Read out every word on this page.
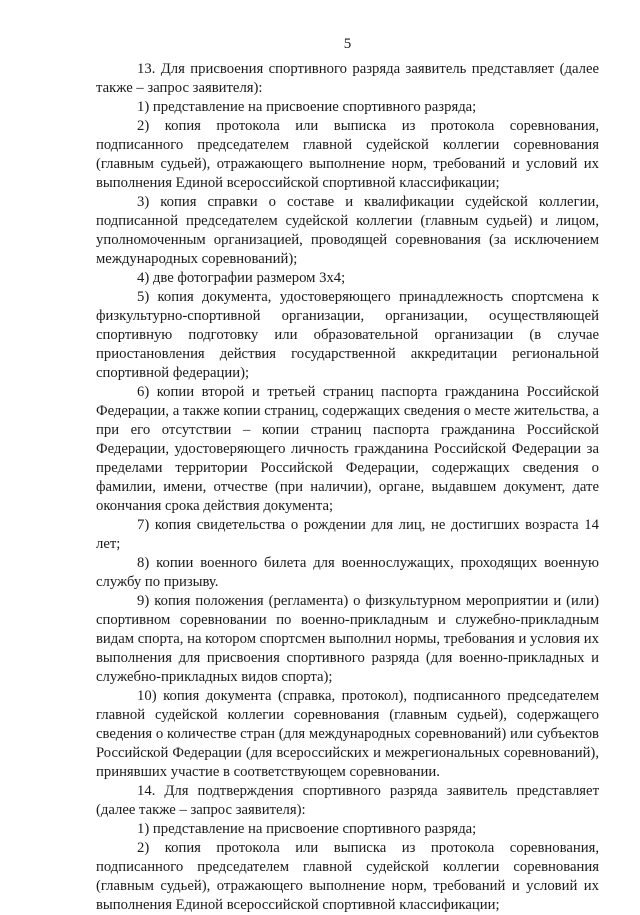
5

13. Для присвоения спортивного разряда заявитель представляет (далее также – запрос заявителя):

1) представление на присвоение спортивного разряда;

2) копия протокола или выписка из протокола соревнования, подписанного председателем главной судейской коллегии соревнования (главным судьей), отражающего выполнение норм, требований и условий их выполнения Единой всероссийской спортивной классификации;

3) копия справки о составе и квалификации судейской коллегии, подписанной председателем судейской коллегии (главным судьей) и лицом, уполномоченным организацией, проводящей соревнования (за исключением международных соревнований);

4) две фотографии размером 3х4;

5) копия документа, удостоверяющего принадлежность спортсмена к физкультурно-спортивной организации, организации, осуществляющей спортивную подготовку или образовательной организации (в случае приостановления действия государственной аккредитации региональной спортивной федерации);

6) копии второй и третьей страниц паспорта гражданина Российской Федерации, а также копии страниц, содержащих сведения о месте жительства, а при его отсутствии – копии страниц паспорта гражданина Российской Федерации, удостоверяющего личность гражданина Российской Федерации за пределами территории Российской Федерации, содержащих сведения о фамилии, имени, отчестве (при наличии), органе, выдавшем документ, дате окончания срока действия документа;

7) копия свидетельства о рождении для лиц, не достигших возраста 14 лет;

8) копии военного билета для военнослужащих, проходящих военную службу по призыву.

9) копия положения (регламента) о физкультурном мероприятии и (или) спортивном соревновании по военно-прикладным и служебно-прикладным видам спорта, на котором спортсмен выполнил нормы, требования и условия их выполнения для присвоения спортивного разряда (для военно-прикладных и служебно-прикладных видов спорта);

10) копия документа (справка, протокол), подписанного председателем главной судейской коллегии соревнования (главным судьей), содержащего сведения о количестве стран (для международных соревнований) или субъектов Российской Федерации (для всероссийских и межрегиональных соревнований), принявших участие в соответствующем соревновании.

14. Для подтверждения спортивного разряда заявитель представляет (далее также – запрос заявителя):

1) представление на присвоение спортивного разряда;

2) копия протокола или выписка из протокола соревнования, подписанного председателем главной судейской коллегии соревнования (главным судьей), отражающего выполнение норм, требований и условий их выполнения Единой всероссийской спортивной классификации;
